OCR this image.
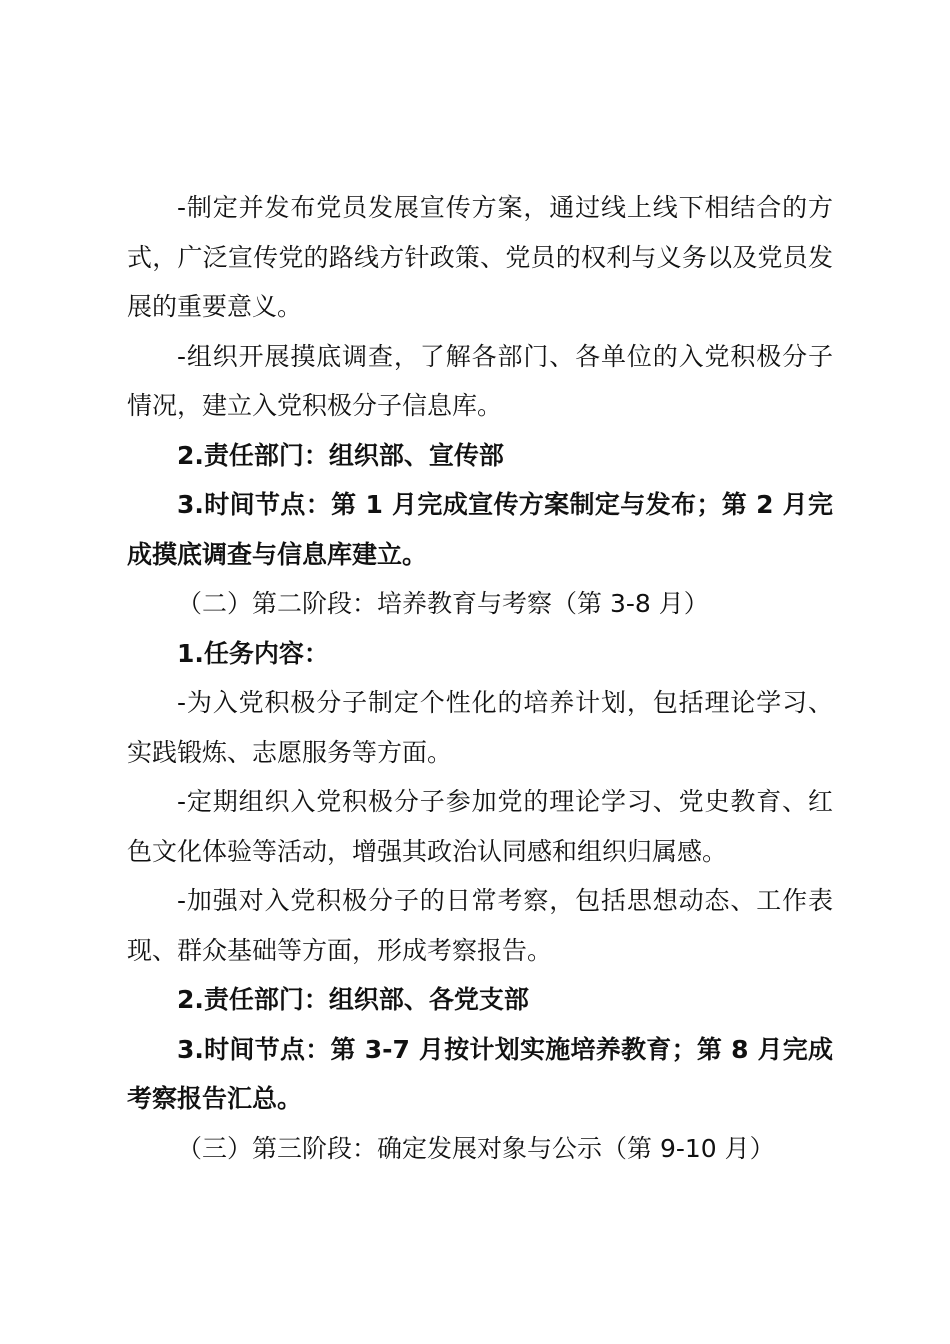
-制定并发布党员发展宣传方案，通过线上线下相结合的方式，广泛宣传党的路线方针政策、党员的权利与义务以及党员发展的重要意义。

-组织开展摸底调查，了解各部门、各单位的入党积极分子情况，建立入党积极分子信息库。

2.责任部门：组织部、宣传部

3.时间节点：第 1 月完成宣传方案制定与发布；第 2 月完成摸底调查与信息库建立。

（二）第二阶段：培养教育与考察（第 3-8 月）

1.任务内容：

-为入党积极分子制定个性化的培养计划，包括理论学习、实践锻炼、志愿服务等方面。

-定期组织入党积极分子参加党的理论学习、党史教育、红色文化体验等活动，增强其政治认同感和组织归属感。

-加强对入党积极分子的日常考察，包括思想动态、工作表现、群众基础等方面，形成考察报告。

2.责任部门：组织部、各党支部

3.时间节点：第 3-7 月按计划实施培养教育；第 8 月完成考察报告汇总。

（三）第三阶段：确定发展对象与公示（第 9-10 月）
